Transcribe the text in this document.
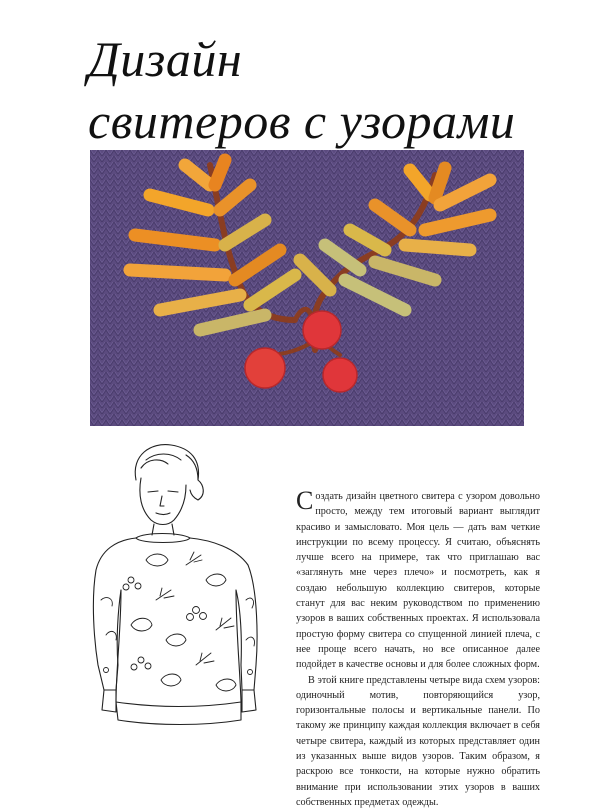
Дизайн
свитеров с узорами

Создать дизайн цветного свитера с узором довольно просто, между тем итоговый вариант выглядит красиво и замысловато. Моя цель — дать вам четкие инструкции по всему процессу. Я считаю, объяснять лучше всего на примере, так что приглашаю вас «заглянуть мне через плечо» и посмотреть, как я создаю небольшую коллекцию свитеров, которые станут для вас неким руководством по применению узоров в ваших собственных проектах. Я использовала простую форму свитера со спущенной линией плеча, с нее проще всего начать, но все описанное далее подойдет в качестве основы и для более сложных форм.

В этой книге представлены четыре вида схем узоров: одиночный мотив, повторяющийся узор, горизонтальные полосы и вертикальные панели. По такому же принципу каждая коллекция включает в себя четыре свитера, каждый из которых представляет один из указанных выше видов узоров. Таким образом, я раскрою все тонкости, на которые нужно обратить внимание при использовании этих узоров в ваших собственных предметах одежды.
